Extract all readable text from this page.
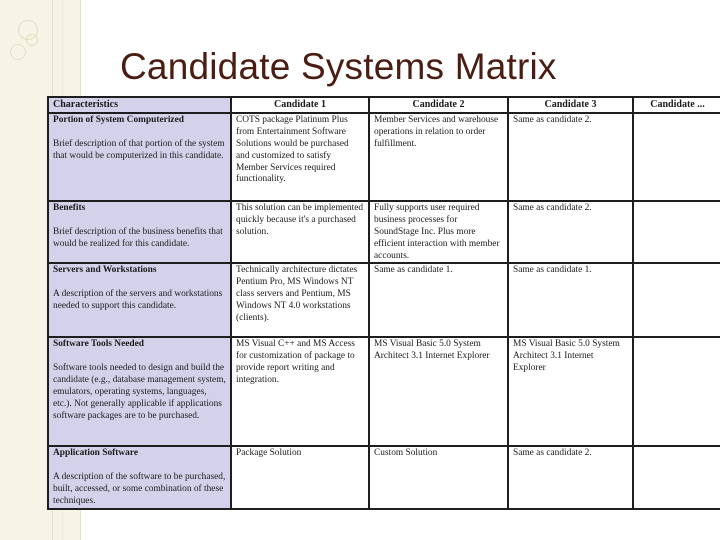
Candidate Systems Matrix
Characteristics	Candidate 1	Candidate 2	Candidate 3	Candidate ...

Portion of System Computerized
Brief description of that portion of the system that would be computerized in this candidate.	COTS package Platinum Plus from Entertainment Software Solutions would be purchased and customized to satisfy Member Services required functionality.	Member Services and warehouse operations in relation to order fulfillment.	Same as candidate 2.	

Benefits
Brief description of the business benefits that would be realized for this candidate.	This solution can be implemented quickly because it's a purchased solution.	Fully supports user required business processes for SoundStage Inc. Plus more efficient interaction with member accounts.	Same as candidate 2.	

Servers and Workstations
A description of the servers and workstations needed to support this candidate.	Technically architecture dictates Pentium Pro, MS Windows NT class servers and Pentium, MS Windows NT 4.0 workstations (clients).	Same as candidate 1.	Same as candidate 1.	

Software Tools Needed
Software tools needed to design and build the candidate (e.g., database management system, emulators, operating systems, languages, etc.). Not generally applicable if applications software packages are to be purchased.	MS Visual C++ and MS Access for customization of package to provide report writing and integration.	MS Visual Basic 5.0 System Architect 3.1 Internet Explorer	MS Visual Basic 5.0 System Architect 3.1 Internet Explorer	

Application Software
A description of the software to be purchased, built, accessed, or some combination of these techniques.	Package Solution	Custom Solution	Same as candidate 2.	
